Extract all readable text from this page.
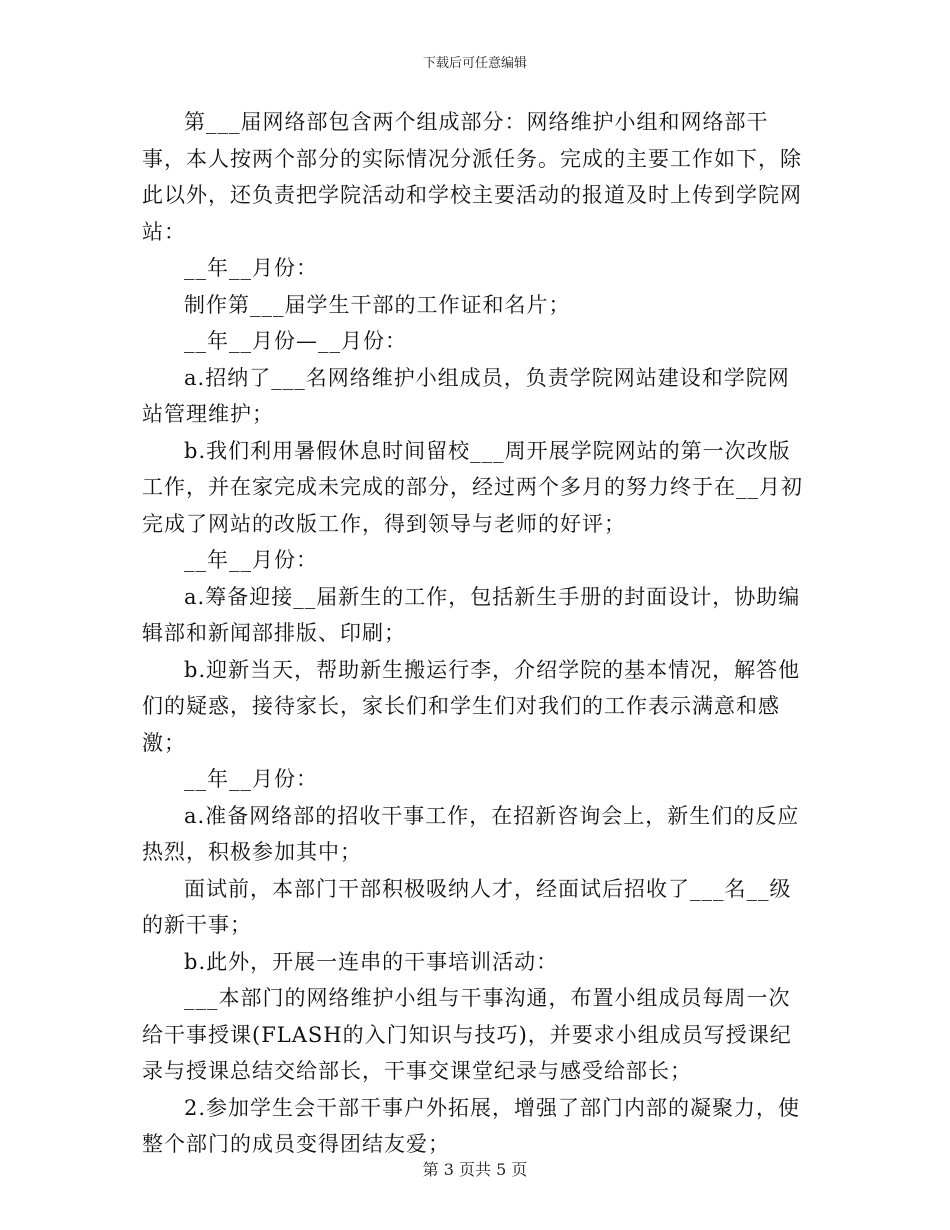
下载后可任意编辑

第___届网络部包含两个组成部分：网络维护小组和网络部干事，本人按两个部分的实际情况分派任务。完成的主要工作如下，除此以外，还负责把学院活动和学校主要活动的报道及时上传到学院网站：

__年__月份：

制作第___届学生干部的工作证和名片；

__年__月份—__月份：

a.招纳了___名网络维护小组成员，负责学院网站建设和学院网站管理维护；

b.我们利用暑假休息时间留校___周开展学院网站的第一次改版工作，并在家完成未完成的部分，经过两个多月的努力终于在__月初完成了网站的改版工作，得到领导与老师的好评；

__年__月份：

a.筹备迎接__届新生的工作，包括新生手册的封面设计，协助编辑部和新闻部排版、印刷；

b.迎新当天，帮助新生搬运行李，介绍学院的基本情况，解答他们的疑惑，接待家长，家长们和学生们对我们的工作表示满意和感激；

__年__月份：

a.准备网络部的招收干事工作，在招新咨询会上，新生们的反应热烈，积极参加其中；

面试前，本部门干部积极吸纳人才，经面试后招收了___名__级的新干事；

b.此外，开展一连串的干事培训活动：

___本部门的网络维护小组与干事沟通，布置小组成员每周一次给干事授课(FLASH的入门知识与技巧)，并要求小组成员写授课纪录与授课总结交给部长，干事交课堂纪录与感受给部长；

2.参加学生会干部干事户外拓展，增强了部门内部的凝聚力，使整个部门的成员变得团结友爱；

第 3 页共 5 页
